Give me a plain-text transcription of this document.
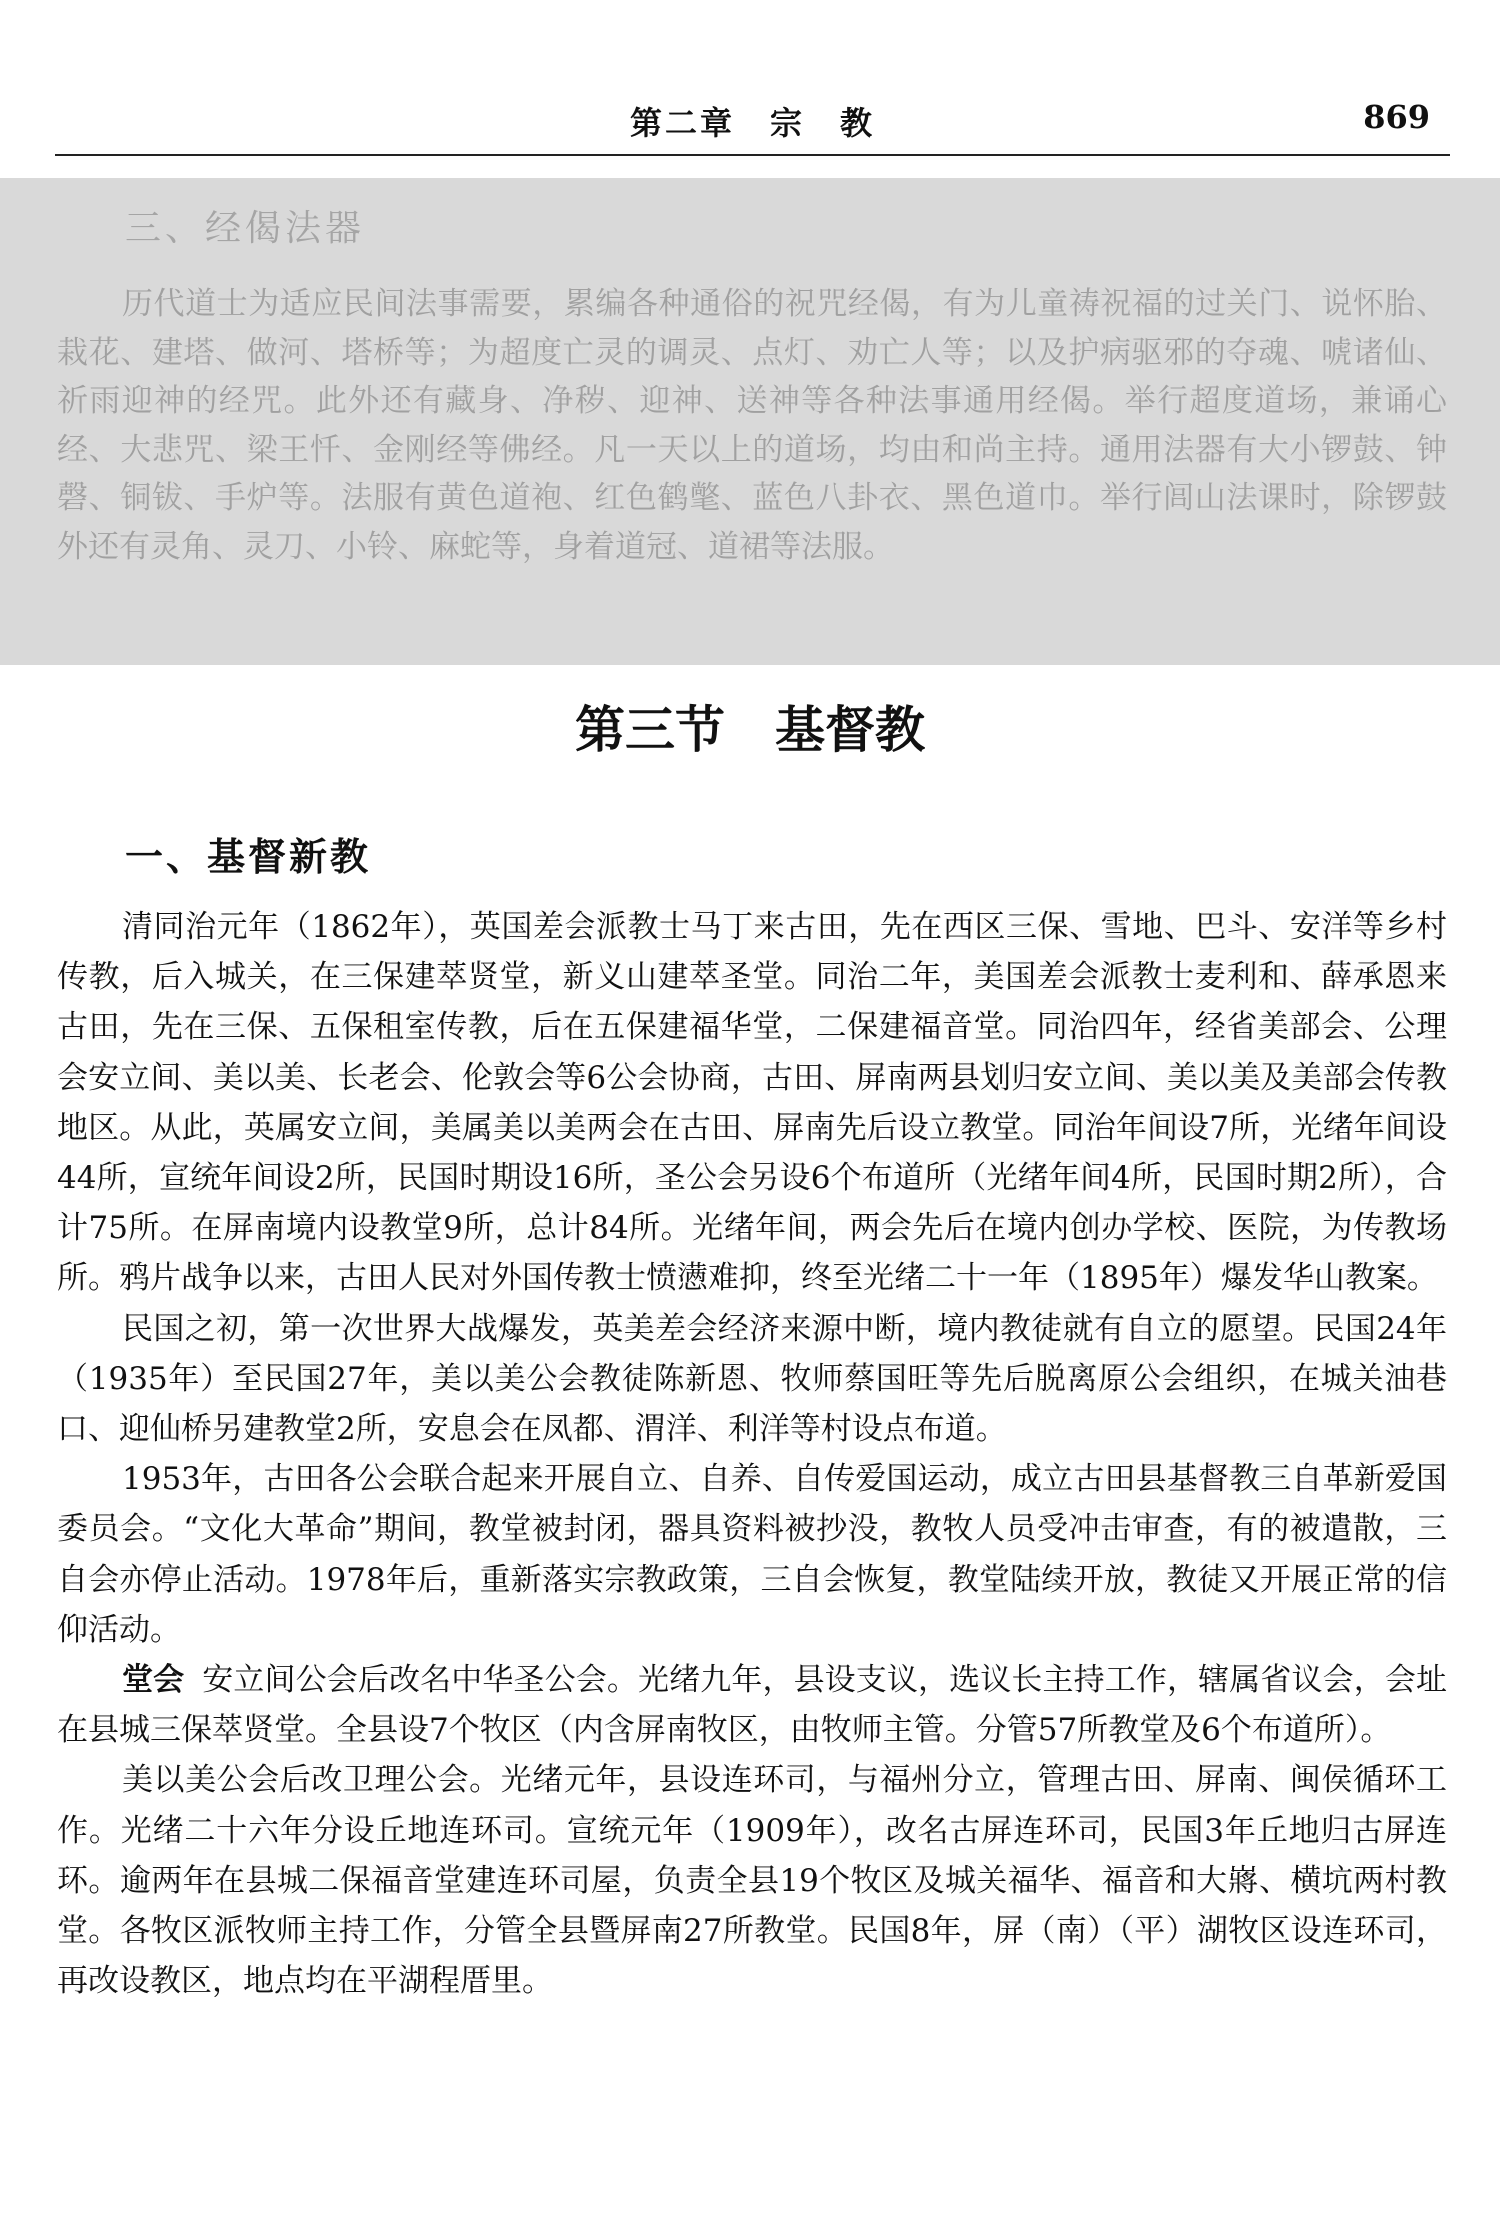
第二章　宗　教	869
三、经偈法器
历代道士为适应民间法事需要，累编各种通俗的祝咒经偈，有为儿童祷祝福的过关门、说怀胎、栽花、建塔、做河、塔桥等；为超度亡灵的调灵、点灯、劝亡人等；以及护病驱邪的夺魂、唬诸仙、祈雨迎神的经咒。此外还有藏身、净秽、迎神、送神等各种法事通用经偈。举行超度道场，兼诵心经、大悲咒、梁王忏、金刚经等佛经。凡一天以上的道场，均由和尚主持。通用法器有大小锣鼓、钟磬、铜钹、手炉等。法服有黄色道袍、红色鹤氅、蓝色八卦衣、黑色道巾。举行闾山法课时，除锣鼓外还有灵角、灵刀、小铃、麻蛇等，身着道冠、道裙等法服。
第三节　基督教
一、基督新教

清同治元年（1862年），英国差会派教士马丁来古田，先在西区三保、雪地、巴斗、安洋等乡村传教，后入城关，在三保建萃贤堂，新义山建萃圣堂。同治二年，美国差会派教士麦利和、薛承恩来古田，先在三保、五保租室传教，后在五保建福华堂，二保建福音堂。同治四年，经省美部会、公理会安立间、美以美、长老会、伦敦会等6公会协商，古田、屏南两县划归安立间、美以美及美部会传教地区。从此，英属安立间，美属美以美两会在古田、屏南先后设立教堂。同治年间设7所，光绪年间设44所，宣统年间设2所，民国时期设16所，圣公会另设6个布道所（光绪年间4所，民国时期2所），合计75所。在屏南境内设教堂9所，总计84所。光绪年间，两会先后在境内创办学校、医院，为传教场所。鸦片战争以来，古田人民对外国传教士愤懑难抑，终至光绪二十一年（1895年）爆发华山教案。

民国之初，第一次世界大战爆发，英美差会经济来源中断，境内教徒就有自立的愿望。民国24年（1935年）至民国27年，美以美公会教徒陈新恩、牧师蔡国旺等先后脱离原公会组织，在城关油巷口、迎仙桥另建教堂2所，安息会在凤都、渭洋、利洋等村设点布道。

1953年，古田各公会联合起来开展自立、自养、自传爱国运动，成立古田县基督教三自革新爱国委员会。“文化大革命”期间，教堂被封闭，器具资料被抄没，教牧人员受冲击审查，有的被遣散，三自会亦停止活动。1978年后，重新落实宗教政策，三自会恢复，教堂陆续开放，教徒又开展正常的信仰活动。

堂会 安立间公会后改名中华圣公会。光绪九年，县设支议，选议长主持工作，辖属省议会，会址在县城三保萃贤堂。全县设7个牧区（内含屏南牧区，由牧师主管。分管57所教堂及6个布道所）。

美以美公会后改卫理公会。光绪元年，县设连环司，与福州分立，管理古田、屏南、闽侯循环工作。光绪二十六年分设丘地连环司。宣统元年（1909年），改名古屏连环司，民国3年丘地归古屏连环。逾两年在县城二保福音堂建连环司屋，负责全县19个牧区及城关福华、福音和大嶈、横坑两村教堂。各牧区派牧师主持工作，分管全县暨屏南27所教堂。民国8年，屏（南）（平）湖牧区设连环司，再改设教区，地点均在平湖程厝里。
